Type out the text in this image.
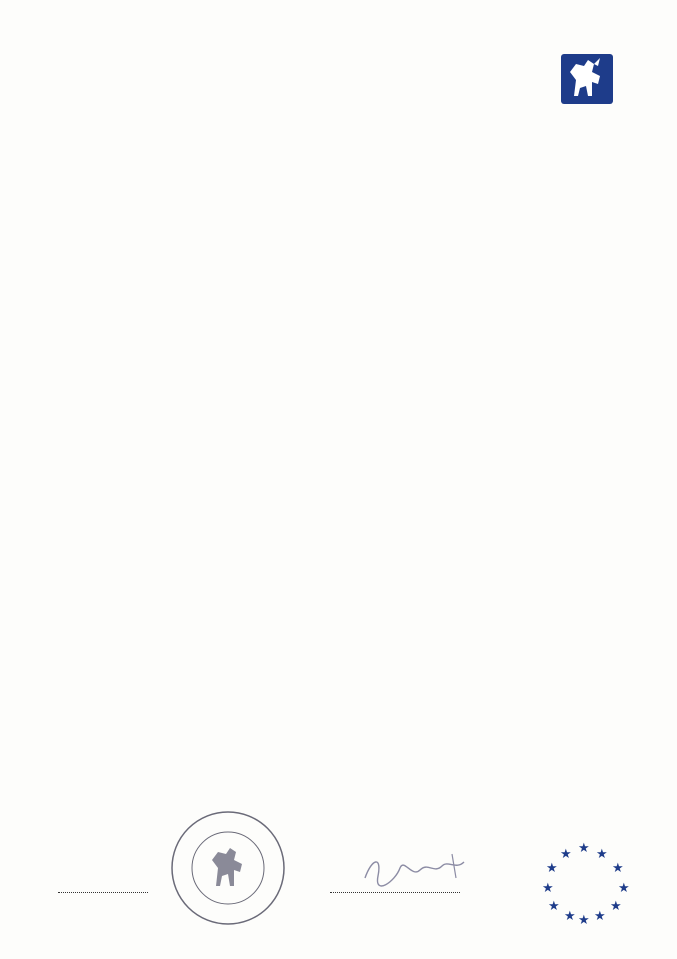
★
★ ★
★	★
★	★
★	★
★ ★
★
